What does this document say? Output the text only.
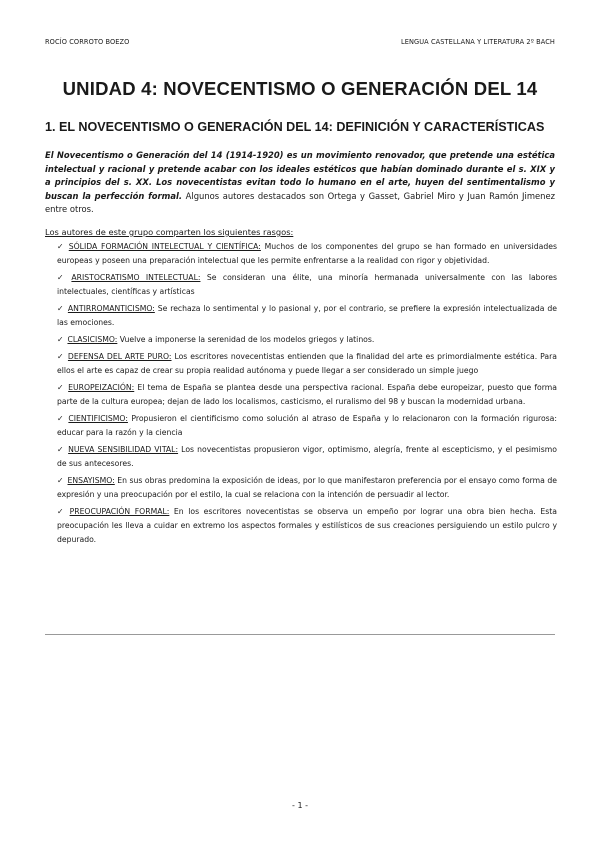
ROCÍO CORROTO BOEZO	LENGUA CASTELLANA Y LITERATURA 2º BACH
UNIDAD 4: NOVECENTISMO O GENERACIÓN DEL 14
1. EL NOVECENTISMO O GENERACIÓN DEL 14: DEFINICIÓN Y CARACTERÍSTICAS

El Novecentismo o Generación del 14 (1914-1920) es un movimiento renovador, que pretende una estética intelectual y racional y pretende acabar con los ideales estéticos que habían dominado durante el s. XIX y a principios del s. XX. Los novecentistas evitan todo lo humano en el arte, huyen del sentimentalismo y buscan la perfección formal. Algunos autores destacados son Ortega y Gasset, Gabriel Miro y Juan Ramón Jimenez entre otros.

Los autores de este grupo comparten los siguientes rasgos:
✓ SÓLIDA FORMACIÓN INTELECTUAL Y CIENTÍFICA: Muchos de los componentes del grupo se han formado en universidades europeas y poseen una preparación intelectual que les permite enfrentarse a la realidad con rigor y objetividad.
✓ ARISTOCRATISMO INTELECTUAL: Se consideran una élite, una minoría hermanada universalmente con las labores intelectuales, científicas y artísticas
✓ ANTIRROMANTICISMO: Se rechaza lo sentimental y lo pasional y, por el contrario, se prefiere la expresión intelectualizada de las emociones.
✓ CLASICISMO: Vuelve a imponerse la serenidad de los modelos griegos y latinos.
✓ DEFENSA DEL ARTE PURO: Los escritores novecentistas entienden que la finalidad del arte es primordialmente estética. Para ellos el arte es capaz de crear su propia realidad autónoma y puede llegar a ser considerado un simple juego
✓ EUROPEIZACIÓN: El tema de España se plantea desde una perspectiva racional. España debe europeizar, puesto que forma parte de la cultura europea; dejan de lado los localismos, casticismo, el ruralismo del 98 y buscan la modernidad urbana.
✓ CIENTIFICISMO: Propusieron el cientificismo como solución al atraso de España y lo relacionaron con la formación rigurosa: educar para la razón y la ciencia
✓ NUEVA SENSIBILIDAD VITAL: Los novecentistas propusieron vigor, optimismo, alegría, frente al escepticismo, y el pesimismo de sus antecesores.
✓ ENSAYISMO: En sus obras predomina la exposición de ideas, por lo que manifestaron preferencia por el ensayo como forma de expresión y una preocupación por el estilo, la cual se relaciona con la intención de persuadir al lector.
✓ PREOCUPACIÓN FORMAL: En los escritores novecentistas se observa un empeño por lograr una obra bien hecha. Esta preocupación les lleva a cuidar en extremo los aspectos formales y estilísticos de sus creaciones persiguiendo un estilo pulcro y depurado.
- 1 -
